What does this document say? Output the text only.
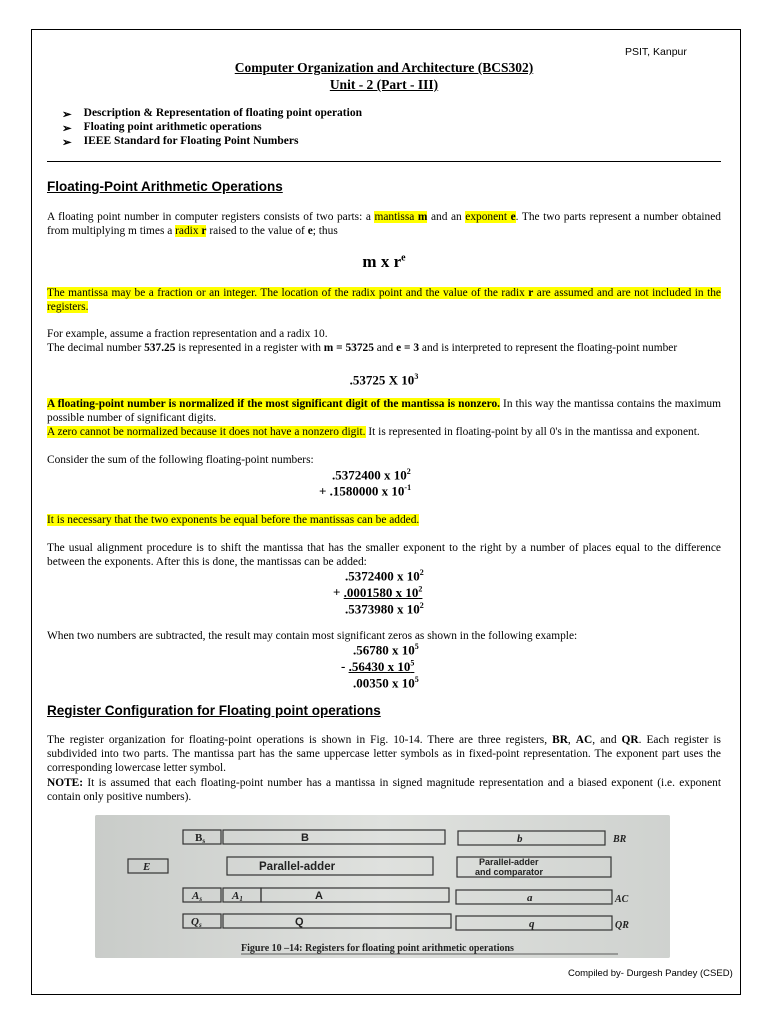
PSIT, Kanpur
Computer Organization and Architecture (BCS302)
Unit - 2 (Part - III)
➢ Description & Representation of floating point operation
➢ Floating point arithmetic operations
➢ IEEE Standard for Floating Point Numbers
Floating-Point Arithmetic Operations

A floating point number in computer registers consists of two parts: a mantissa m and an exponent e. The two parts represent a number obtained from multiplying m times a radix r raised to the value of e; thus

m x $r^e$

The mantissa may be a fraction or an integer. The location of the radix point and the value of the radix r are assumed and are not included in the registers.

For example, assume a fraction representation and a radix 10.

The decimal number 537.25 is represented in a register with m = 53725 and e = 3 and is interpreted to represent the floating-point number

.53725 X $10^3$

A floating-point number is normalized if the most significant digit of the mantissa is nonzero. In this way the mantissa contains the maximum possible number of significant digits.

A zero cannot be normalized because it does not have a nonzero digit. It is represented in floating-point by all 0's in the mantissa and exponent.

Consider the sum of the following floating-point numbers:

.5372400 x $10^2$
+ .1580000 x $10^{-1}$

It is necessary that the two exponents be equal before the mantissas can be added.

The usual alignment procedure is to shift the mantissa that has the smaller exponent to the right by a number of places equal to the difference between the exponents. After this is done, the mantissas can be added:

.5372400 x $10^2$
+ .0001580 x $10^2$
.5373980 x $10^2$

When two numbers are subtracted, the result may contain most significant zeros as shown in the following example:

.56780 x $10^5$
- .56430 x $10^5$
.00350 x $10^5$
Register Configuration for Floating point operations

The register organization for floating-point operations is shown in Fig. 10-14. There are three registers, BR, AC, and QR. Each register is subdivided into two parts. The mantissa part has the same uppercase letter symbols as in fixed-point representation. The exponent part uses the corresponding lowercase letter symbol.

NOTE: It is assumed that each floating-point number has a mantissa in signed magnitude representation and a biased exponent (i.e. exponent contain only positive numbers).

Bs	B	b	BR
E	Parallel-adder	Parallel-adder
and comparator
As	A1	A	a	AC
Qs	Q	q	QR
Figure 10 –14: Registers for floating point arithmetic operations
Compiled by- Durgesh Pandey (CSED)
